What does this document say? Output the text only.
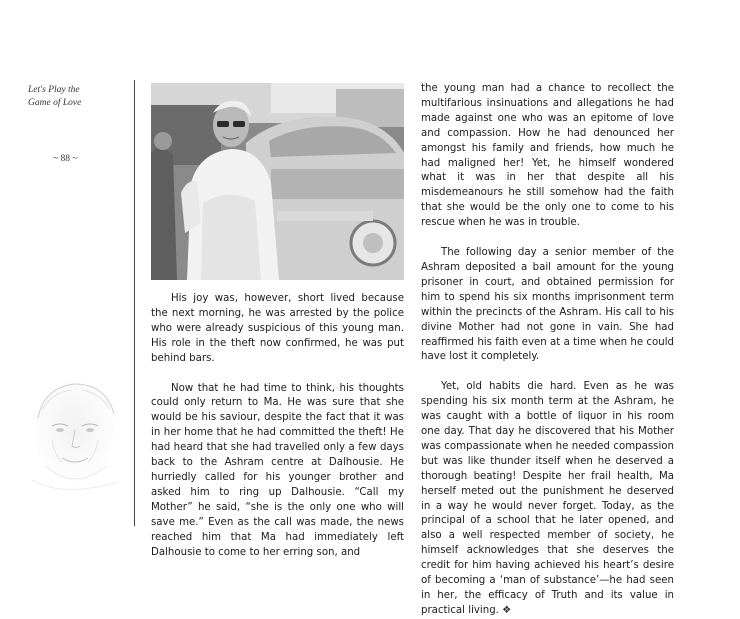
Let's Play the
Game of Love
~ 88 ~

His joy was, however, short lived because the next morning, he was arrested by the police who were already suspicious of this young man. His role in the theft now confirmed, he was put behind bars.

Now that he had time to think, his thoughts could only return to Ma. He was sure that she would be his saviour, despite the fact that it was in her home that he had committed the theft! He had heard that she had travelled only a few days back to the Ashram centre at Dalhousie. He hurriedly called for his younger brother and asked him to ring up Dalhousie. “Call my Mother” he said, “she is the only one who will save me.” Even as the call was made, the news reached him that Ma had immediately left Dalhousie to come to her erring son, and

the young man had a chance to recollect the multifarious insinuations and allegations he had made against one who was an epitome of love and compassion. How he had denounced her amongst his family and friends, how much he had maligned her! Yet, he himself wondered what it was in her that despite all his misdemeanours he still somehow had the faith that she would be the only one to come to his rescue when he was in trouble.

The following day a senior member of the Ashram deposited a bail amount for the young prisoner in court, and obtained permission for him to spend his six months imprisonment term within the precincts of the Ashram. His call to his divine Mother had not gone in vain. She had reaffirmed his faith even at a time when he could have lost it completely.

Yet, old habits die hard. Even as he was spending his six month term at the Ashram, he was caught with a bottle of liquor in his room one day. That day he discovered that his Mother was compassionate when he needed compassion but was like thunder itself when he deserved a thorough beating! Despite her frail health, Ma herself meted out the punishment he deserved in a way he would never forget. Today, as the principal of a school that he later opened, and also a well respected member of society, he himself acknowledges that she deserves the credit for him having achieved his heart’s desire of becoming a ‘man of substance’—he had seen in her, the efficacy of Truth and its value in practical living. ❖
